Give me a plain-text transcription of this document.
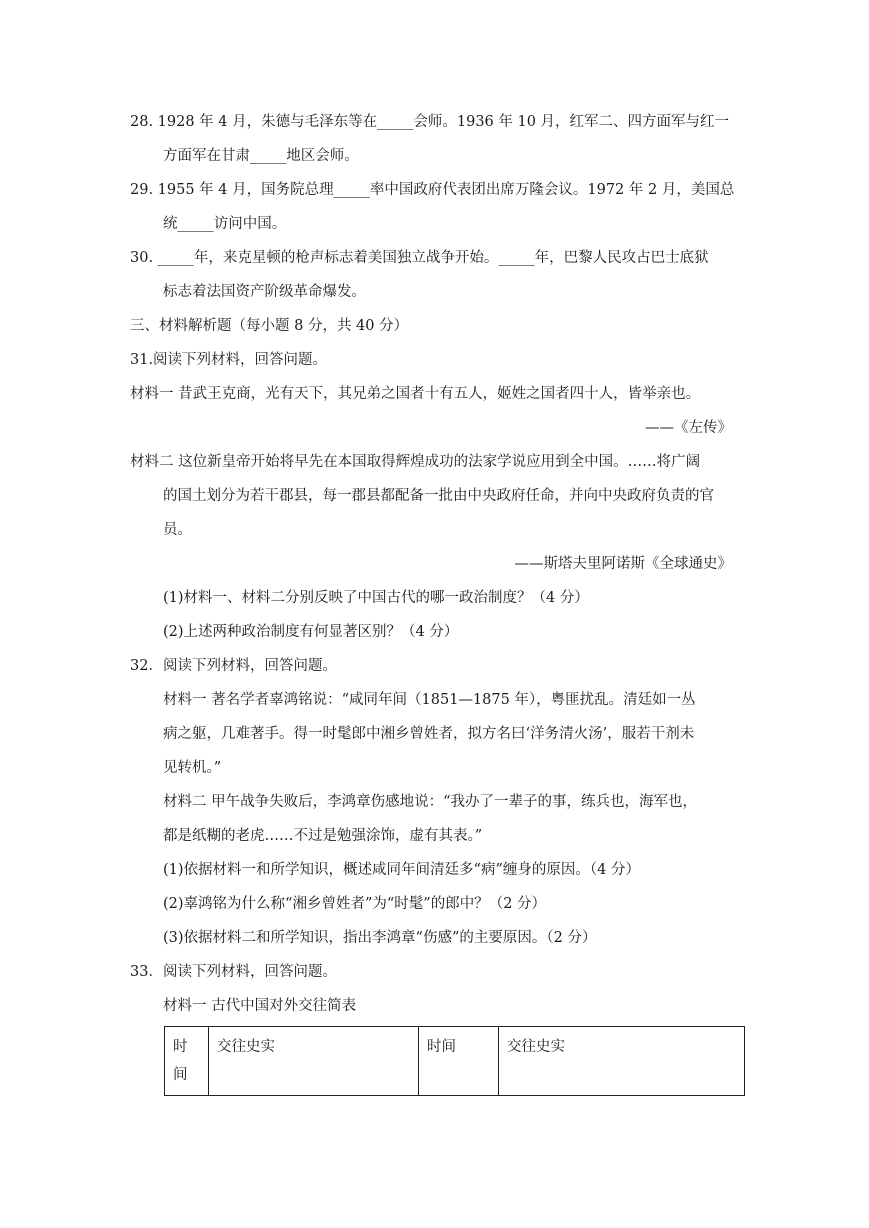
28. 1928 年 4 月，朱德与毛泽东等在_____会师。1936 年 10 月，红军二、四方面军与红一
方面军在甘肃_____地区会师。
29. 1955 年 4 月，国务院总理_____率中国政府代表团出席万隆会议。1972 年 2 月，美国总
统_____访问中国。
30. _____年，来克星顿的枪声标志着美国独立战争开始。_____年，巴黎人民攻占巴士底狱
标志着法国资产阶级革命爆发。
三、材料解析题（每小题 8 分，共 40 分）
31.阅读下列材料，回答问题。
材料一 昔武王克商，光有天下，其兄弟之国者十有五人，姬姓之国者四十人，皆举亲也。
——《左传》
材料二 这位新皇帝开始将早先在本国取得辉煌成功的法家学说应用到全中国。……将广阔
的国土划分为若干郡县，每一郡县都配备一批由中央政府任命，并向中央政府负责的官
员。
——斯塔夫里阿诺斯《全球通史》
(1)材料一、材料二分别反映了中国古代的哪一政治制度？（4 分）
(2)上述两种政治制度有何显著区别？（4 分）
32．阅读下列材料，回答问题。
材料一 著名学者辜鸿铭说：“咸同年间（1851—1875 年），粤匪扰乱。清廷如一丛
病之躯，几难著手。得一时髦郎中湘乡曾姓者，拟方名曰‘洋务清火汤’，服若干剂未
见转机。”
材料二 甲午战争失败后，李鸿章伤感地说：“我办了一辈子的事，练兵也，海军也，
都是纸糊的老虎……不过是勉强涂饰，虚有其表。”
(1)依据材料一和所学知识，概述咸同年间清廷多“病”缠身的原因。（4 分）
(2)辜鸿铭为什么称“湘乡曾姓者”为“时髦”的郎中？（2 分）
(3)依据材料二和所学知识，指出李鸿章“伤感”的主要原因。（2 分）
33．阅读下列材料，回答问题。
材料一 古代中国对外交往简表
时间	交往史实	时间	交往史实
